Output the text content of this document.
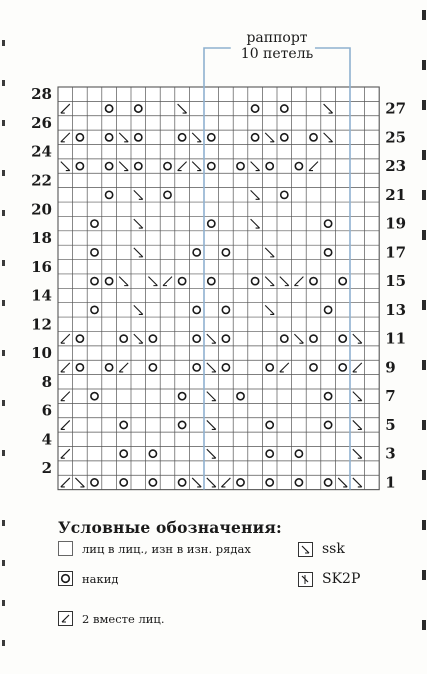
раппорт
10 петель
28
26
24
22
20
18
16
14
12
10
8
6
4
2
27
25
23
21
19
17
15
13
11
9
7
5
3
1
Условные обозначения:
лиц в лиц., изн в изн. рядах
накид
2 вместе лиц.
ssk
SK2P
